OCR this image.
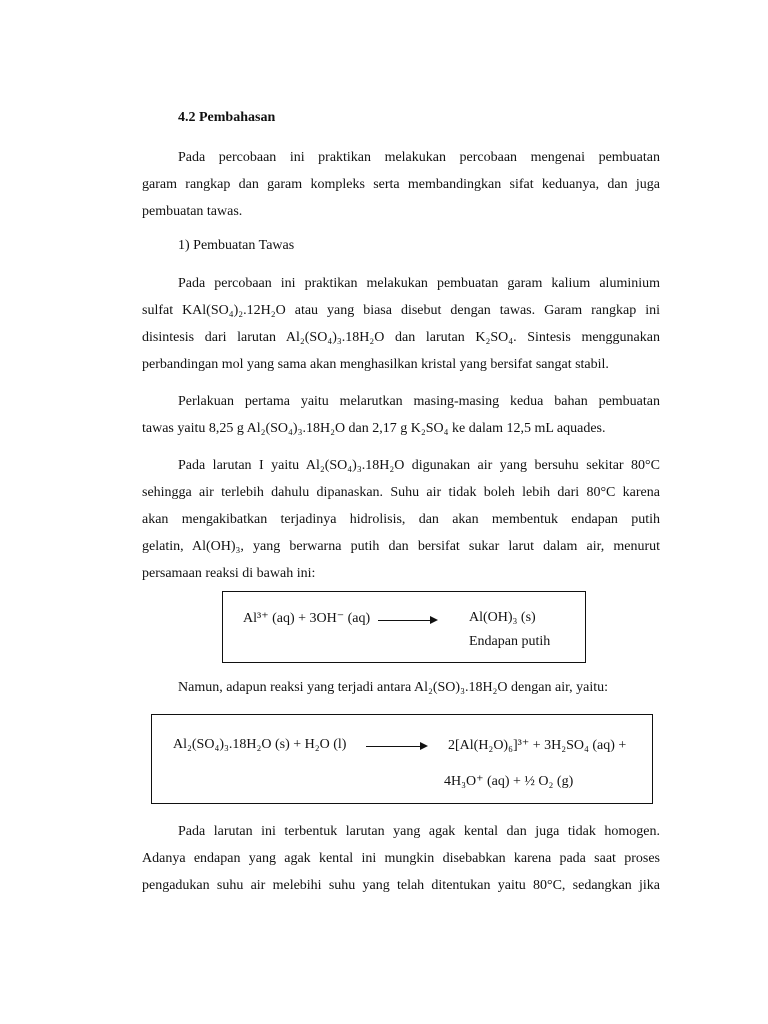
4.2 Pembahasan
Pada percobaan ini praktikan melakukan percobaan mengenai pembuatan
garam rangkap dan garam kompleks serta membandingkan sifat keduanya, dan juga
pembuatan tawas.
1) Pembuatan Tawas
Pada percobaan ini praktikan melakukan pembuatan garam kalium aluminium
sulfat KAl(SO₄)₂.12H₂O atau yang biasa disebut dengan tawas. Garam rangkap ini
disintesis dari larutan Al₂(SO₄)₃.18H₂O dan larutan K₂SO₄. Sintesis menggunakan
perbandingan mol yang sama akan menghasilkan kristal yang bersifat sangat stabil.
Perlakuan pertama yaitu melarutkan masing-masing kedua bahan pembuatan
tawas yaitu 8,25 g Al₂(SO₄)₃.18H₂O dan 2,17 g K₂SO₄ ke dalam 12,5 mL aquades.
Pada larutan I yaitu Al₂(SO₄)₃.18H₂O digunakan air yang bersuhu sekitar 80°C
sehingga air terlebih dahulu dipanaskan. Suhu air tidak boleh lebih dari 80°C karena
akan mengakibatkan terjadinya hidrolisis, dan akan membentuk endapan putih
gelatin, Al(OH)₃, yang berwarna putih dan bersifat sukar larut dalam air, menurut
persamaan reaksi di bawah ini:
Al³⁺ (aq) + 3OH⁻ (aq) → Al(OH)₃ (s)
Endapan putih
Namun, adapun reaksi yang terjadi antara Al₂(SO)₃.18H₂O dengan air, yaitu:
Al₂(SO₄)₃.18H₂O (s) + H₂O (l) → 2[Al(H₂O)₆]³⁺ + 3H₂SO₄ (aq) +
4H₃O⁺ (aq) + ½ O₂ (g)
Pada larutan ini terbentuk larutan yang agak kental dan juga tidak homogen.
Adanya endapan yang agak kental ini mungkin disebabkan karena pada saat proses
pengadukan suhu air melebihi suhu yang telah ditentukan yaitu 80°C, sedangkan jika
